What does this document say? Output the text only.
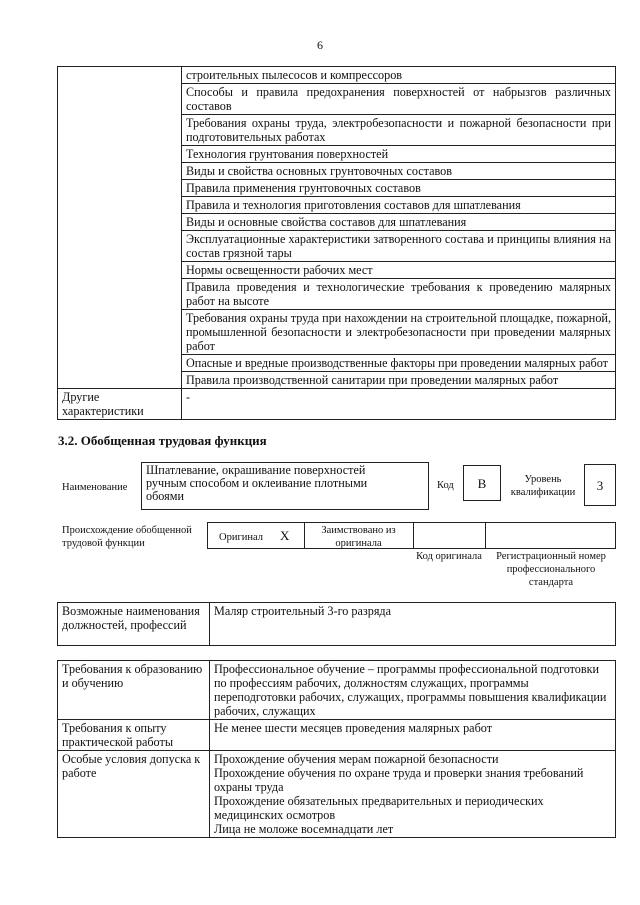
6
	строительных пылесосов и компрессоров
	Способы и правила предохранения поверхностей от набрызгов различных составов
	Требования охраны труда, электробезопасности и пожарной безопасности при подготовительных работах
	Технология грунтования поверхностей
	Виды и свойства основных грунтовочных составов
	Правила применения грунтовочных составов
	Правила и технология приготовления составов для шпатлевания
	Виды и основные свойства составов для шпатлевания
	Эксплуатационные характеристики затворенного состава и принципы влияния на состав грязной тары
	Нормы освещенности рабочих мест
	Правила проведения и технологические требования к проведению малярных работ на высоте
	Требования охраны труда при нахождении на строительной площадке, пожарной, промышленной безопасности и электробезопасности при проведении малярных работ
	Опасные и вредные производственные факторы при проведении малярных работ
	Правила производственной санитарии при проведении малярных работ
Другие характеристики	-
3.2. Обобщенная трудовая функция
Наименование
Шпатлевание, окрашивание поверхностей ручным способом и оклеивание плотными обоями
Код	B	Уровень квалификации	3
Происхождение обобщенной трудовой функции
Оригинал X	Заимствовано из оригинала
Код оригинала	Регистрационный номер профессионального стандарта
Возможные наименования должностей, профессий	Маляр строительный 3-го разряда
Требования к образованию и обучению	Профессиональное обучение – программы профессиональной подготовки по профессиям рабочих, должностям служащих, программы переподготовки рабочих, служащих, программы повышения квалификации рабочих, служащих
Требования к опыту практической работы	Не менее шести месяцев проведения малярных работ
Особые условия допуска к работе	Прохождение обучения мерам пожарной безопасности
Прохождение обучения по охране труда и проверки знания требований охраны труда
Прохождение обязательных предварительных и периодических медицинских осмотров
Лица не моложе восемнадцати лет
